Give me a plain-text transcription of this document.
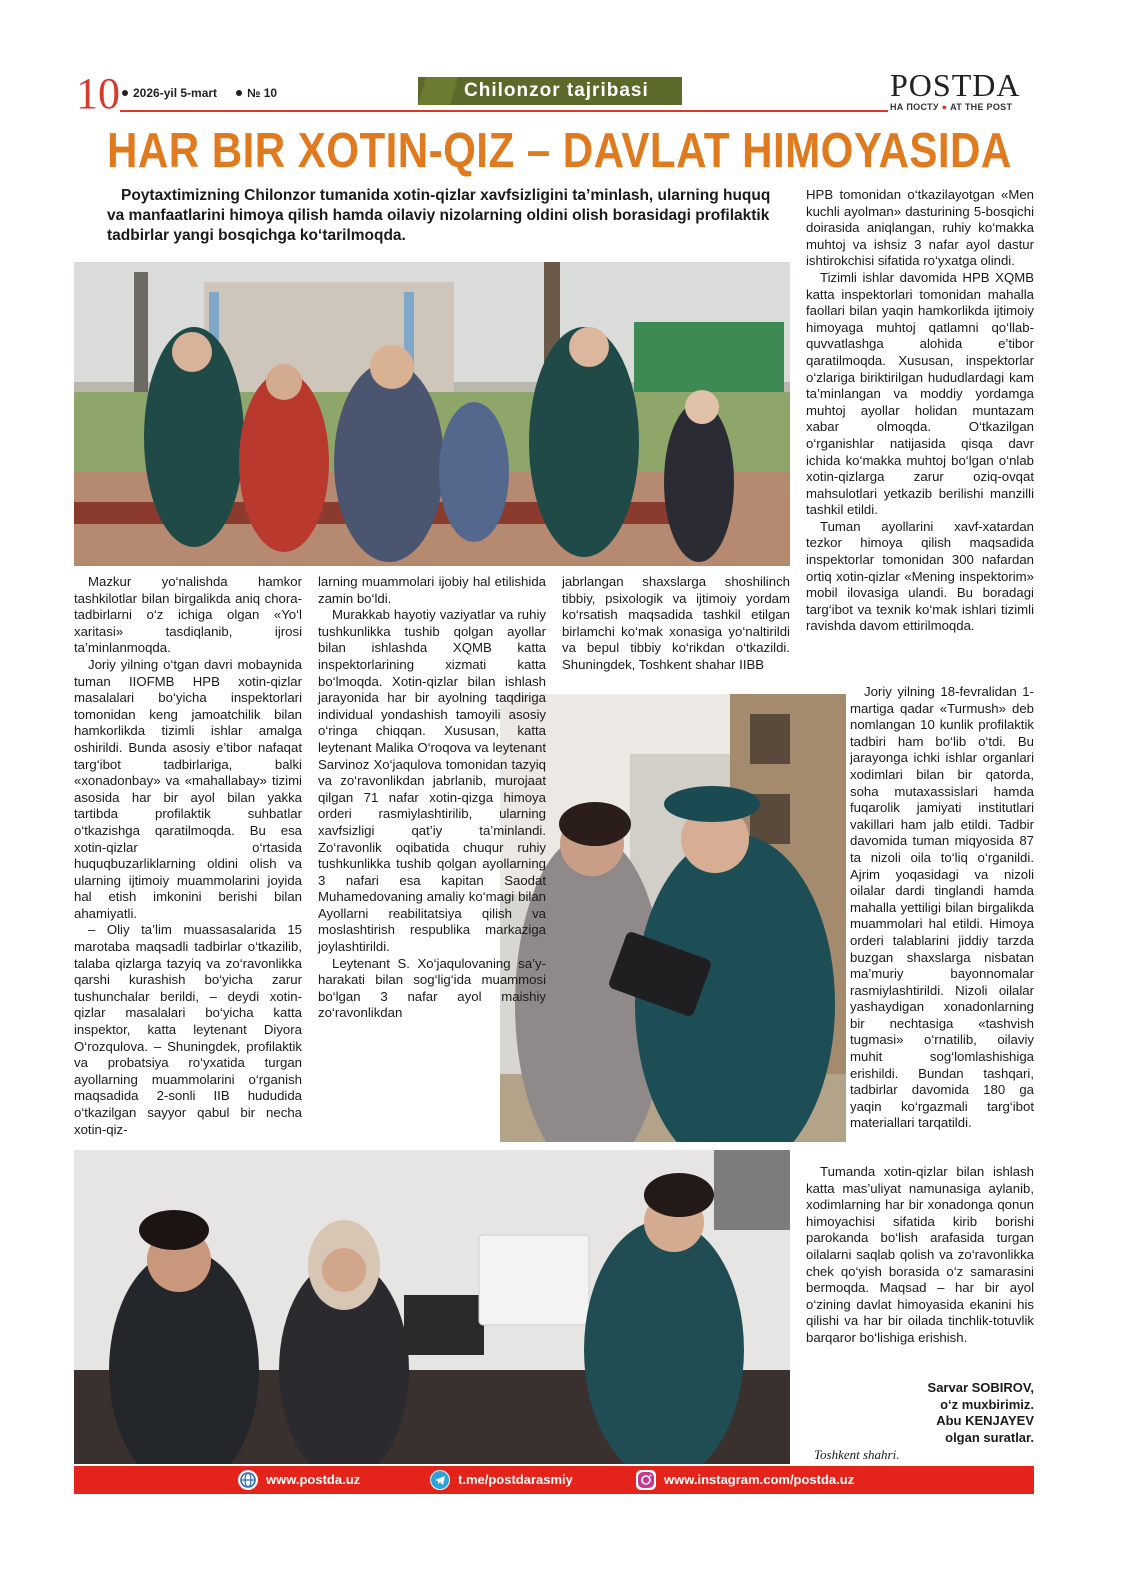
10 2026-yil 5-mart № 10	Chilonzor tajribasi	POSTDA
НА ПОСТУ ● AT THE POST
HAR BIR XOTIN-QIZ – DAVLAT HIMOYASIDA
Poytaxtimizning Chilonzor tumanida xotin-qizlar xavfsizligini ta’minlash, ularning huquq va manfaatlarini himoya qilish hamda oilaviy nizolarning oldini olish borasidagi profilaktik tadbirlar yangi bosqichga ko‘tarilmoqda.

Mazkur yo‘nalishda hamkor tashkilotlar bilan birgalikda aniq chora-tadbirlarni o‘z ichiga olgan «Yo‘l xaritasi» tasdiqlanib, ijrosi ta’minlanmoqda.

Joriy yilning o‘tgan davri mobaynida tuman IIOFMB HPB xotin-qizlar masalalari bo‘yicha inspektorlari tomonidan keng jamoatchilik bilan hamkorlikda tizimli ishlar amalga oshirildi. Bunda asosiy e’tibor nafaqat targ‘ibot tadbirlariga, balki «xonadonbay» va «mahallabay» tizimi asosida har bir ayol bilan yakka tartibda profilaktik suhbatlar o‘tkazishga qaratilmoqda. Bu esa xotin-qizlar o‘rtasida huquqbuzarliklarning oldini olish va ularning ijtimoiy muammolarini joyida hal etish imkonini berishi bilan ahamiyatli.

– Oliy ta’lim muassasalarida 15 marotaba maqsadli tadbirlar o‘tkazilib, talaba qizlarga tazyiq va zo‘ravonlikka qarshi kurashish bo‘yicha zarur tushunchalar berildi, – deydi xotin-qizlar masalalari bo‘yicha katta inspektor, katta leytenant Diyora O‘rozqulova. – Shuningdek, profilaktik va probatsiya ro‘yxatida turgan ayollarning muammolarini o‘rganish maqsadida 2-sonli IIB hududida o‘tkazilgan sayyor qabul bir necha xotin-qiz-

larning muammolari ijobiy hal etilishida zamin bo‘ldi.

Murakkab hayotiy vaziyatlar va ruhiy tushkunlikka tushib qolgan ayollar bilan ishlashda XQMB katta inspektorlarining xizmati katta bo‘lmoqda. Xotin-qizlar bilan ishlash jarayonida har bir ayolning taqdiriga individual yondashish tamoyili asosiy o‘ringa chiqqan. Xususan, katta leytenant Malika O‘roqova va leytenant Sarvinoz Xo‘jaqulova tomonidan tazyiq va zo‘ravonlikdan jabrlanib, murojaat qilgan 71 nafar xotin-qizga himoya orderi rasmiylashtirilib, ularning xavfsizligi qat’iy ta’minlandi. Zo‘ravonlik oqibatida chuqur ruhiy tushkunlikka tushib qolgan ayollarning 3 nafari esa kapitan Saodat Muhamedovaning amaliy ko‘magi bilan Ayollarni reabilitatsiya qilish va moslashtirish respublika markaziga joylashtirildi.

Leytenant S. Xo‘jaqulovaning sa’y-harakati bilan sog‘lig‘ida muammosi bo‘lgan 3 nafar ayol maishiy zo‘ravonlikdan

jabrlangan shaxslarga shoshilinch tibbiy, psixologik va ijtimoiy yordam ko‘rsatish maqsadida tashkil etilgan birlamchi ko‘mak xonasiga yo‘naltirildi va bepul tibbiy ko‘rikdan o‘tkazildi. Shuningdek, Toshkent shahar IIBB

HPB tomonidan o‘tkazilayotgan «Men kuchli ayolman» dasturining 5-bosqichi doirasida aniqlangan, ruhiy ko‘makka muhtoj va ishsiz 3 nafar ayol dastur ishtirokchisi sifatida ro‘yxatga olindi.

Tizimli ishlar davomida HPB XQMB katta inspektorlari tomonidan mahalla faollari bilan yaqin hamkorlikda ijtimoiy himoyaga muhtoj qatlamni qo‘llab-quvvatlashga alohida e’tibor qaratilmoqda. Xususan, inspektorlar o‘zlariga biriktirilgan hududlardagi kam ta’minlangan va moddiy yordamga muhtoj ayollar holidan muntazam xabar olmoqda. O‘tkazilgan o‘rganishlar natijasida qisqa davr ichida ko‘makka muhtoj bo‘lgan o‘nlab xotin-qizlarga zarur oziq-ovqat mahsulotlari yetkazib berilishi manzilli tashkil etildi.

Tuman ayollarini xavf-xatardan tezkor himoya qilish maqsadida inspektorlar tomonidan 300 nafardan ortiq xotin-qizlar «Mening inspektorim» mobil ilovasiga ulandi. Bu boradagi targ‘ibot va texnik ko‘mak ishlari tizimli ravishda davom ettirilmoqda.

Joriy yilning 18-fevralidan 1-martiga qadar «Turmush» deb nomlangan 10 kunlik profilaktik tadbiri ham bo‘lib o‘tdi. Bu jarayonga ichki ishlar organlari xodimlari bilan bir qatorda, soha mutaxassislari hamda fuqarolik jamiyati institutlari vakillari ham jalb etildi. Tadbir davomida tuman miqyosida 87 ta nizoli oila to‘liq o‘rganildi. Ajrim yoqasidagi va nizoli oilalar dardi tinglandi hamda mahalla yettiligi bilan birgalikda muammolari hal etildi. Himoya orderi talablarini jiddiy tarzda buzgan shaxslarga nisbatan ma’muriy bayonnomalar rasmiylashtirildi. Nizoli oilalar yashaydigan xonadonlarning bir nechtasiga «tashvish tugmasi» o‘rnatilib, oilaviy muhit sog‘lomlashishiga erishildi. Bundan tashqari, tadbirlar davomida 180 ga yaqin ko‘rgazmali targ‘ibot materiallari tarqatildi.

Tumanda xotin-qizlar bilan ishlash katta mas’uliyat namunasiga aylanib, xodimlarning har bir xonadonga qonun himoyachisi sifatida kirib borishi parokanda bo‘lish arafasida turgan oilalarni saqlab qolish va zo‘ravonlikka chek qo‘yish borasida o‘z samarasini bermoqda. Maqsad – har bir ayol o‘zining davlat himoyasida ekanini his qilishi va har bir oilada tinchlik-totuvlik barqaror bo‘lishiga erishish.

Sarvar SOBIROV,
o‘z muxbirimiz.
Abu KENJAYEV
olgan suratlar.
Toshkent shahri.
www.postda.uz	t.me/postdarasmiy	www.instagram.com/postda.uz
